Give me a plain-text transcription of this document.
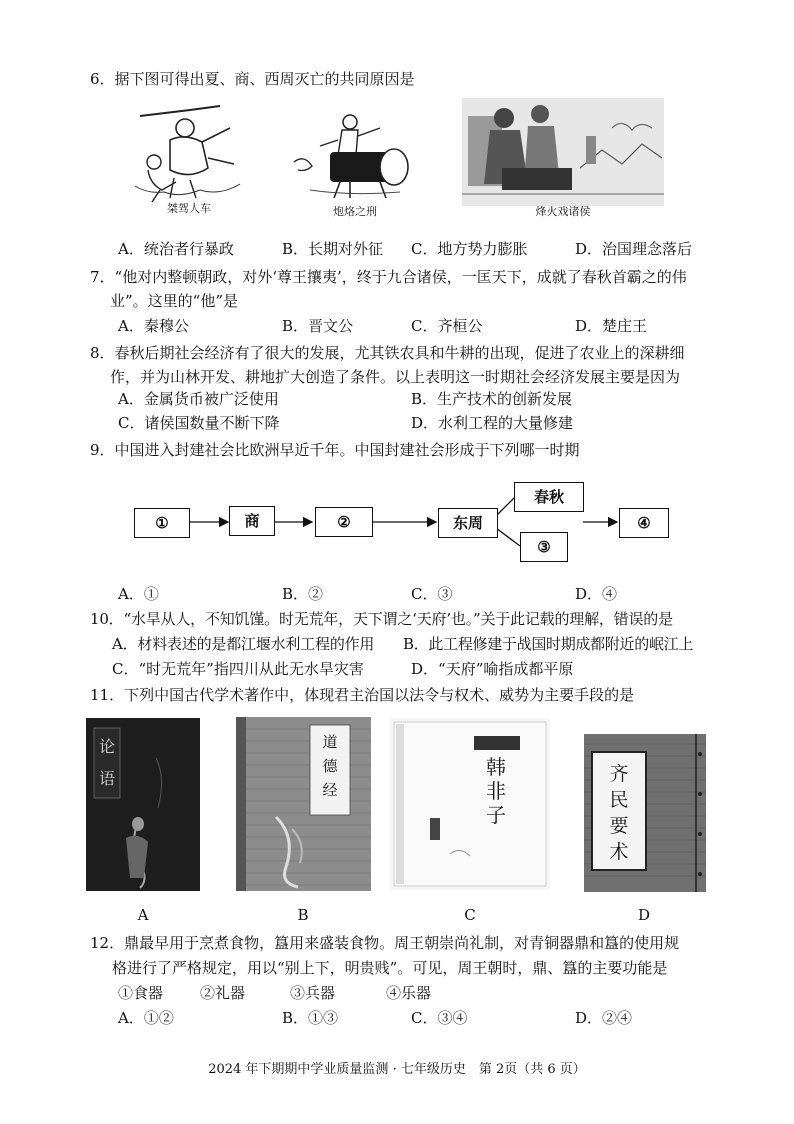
6．据下图可得出夏、商、西周灭亡的共同原因是
桀驾人车	炮烙之刑	烽火戏诸侯
A．统治者行暴政	B．长期对外征 C．地方势力膨胀	D．治国理念落后
7．“他对内整顿朝政，对外‘尊王攘夷’，终于九合诸侯，一匡天下，成就了春秋首霸之的伟
业”。这里的“他”是
A．秦穆公	B．晋文公	C．齐桓公	D．楚庄王
8．春秋后期社会经济有了很大的发展，尤其铁农具和牛耕的出现，促进了农业上的深耕细
作，并为山林开发、耕地扩大创造了条件。以上表明这一时期社会经济发展主要是因为
A．金属货币被广泛使用	B．生产技术的创新发展
C．诸侯国数量不断下降	D．水利工程的大量修建
9．中国进入封建社会比欧洲早近千年。中国封建社会形成于下列哪一时期
①	商	②	东周
春秋
③
④
A．①	B．②	C．③	D．④
10．“水旱从人，不知饥馑。时无荒年，天下谓之‘天府’也。”关于此记载的理解，错误的是
A．材料表述的是都江堰水利工程的作用 B．此工程修建于战国时期成都附近的岷江上
C．“时无荒年”指四川从此无水旱灾害	D．“天府”喻指成都平原
11．下列中国古代学术著作中，体现君主治国以法令与权术、威势为主要手段的是
论
语
A
道
德
经
B
韩
非
子
C
齐
民
要
术
D
12．鼎最早用于烹煮食物，簋用来盛装食物。周王朝崇尚礼制，对青铜器鼎和簋的使用规
格进行了严格规定，用以“别上下，明贵贱”。可见，周王朝时，鼎、簋的主要功能是
①食器 ②礼器	③兵器	④乐器
A．①②	B．①③	C．③④	D．②④
2024 年下期期中学业质量监测 · 七年级历史　第 2页（共 6 页）
